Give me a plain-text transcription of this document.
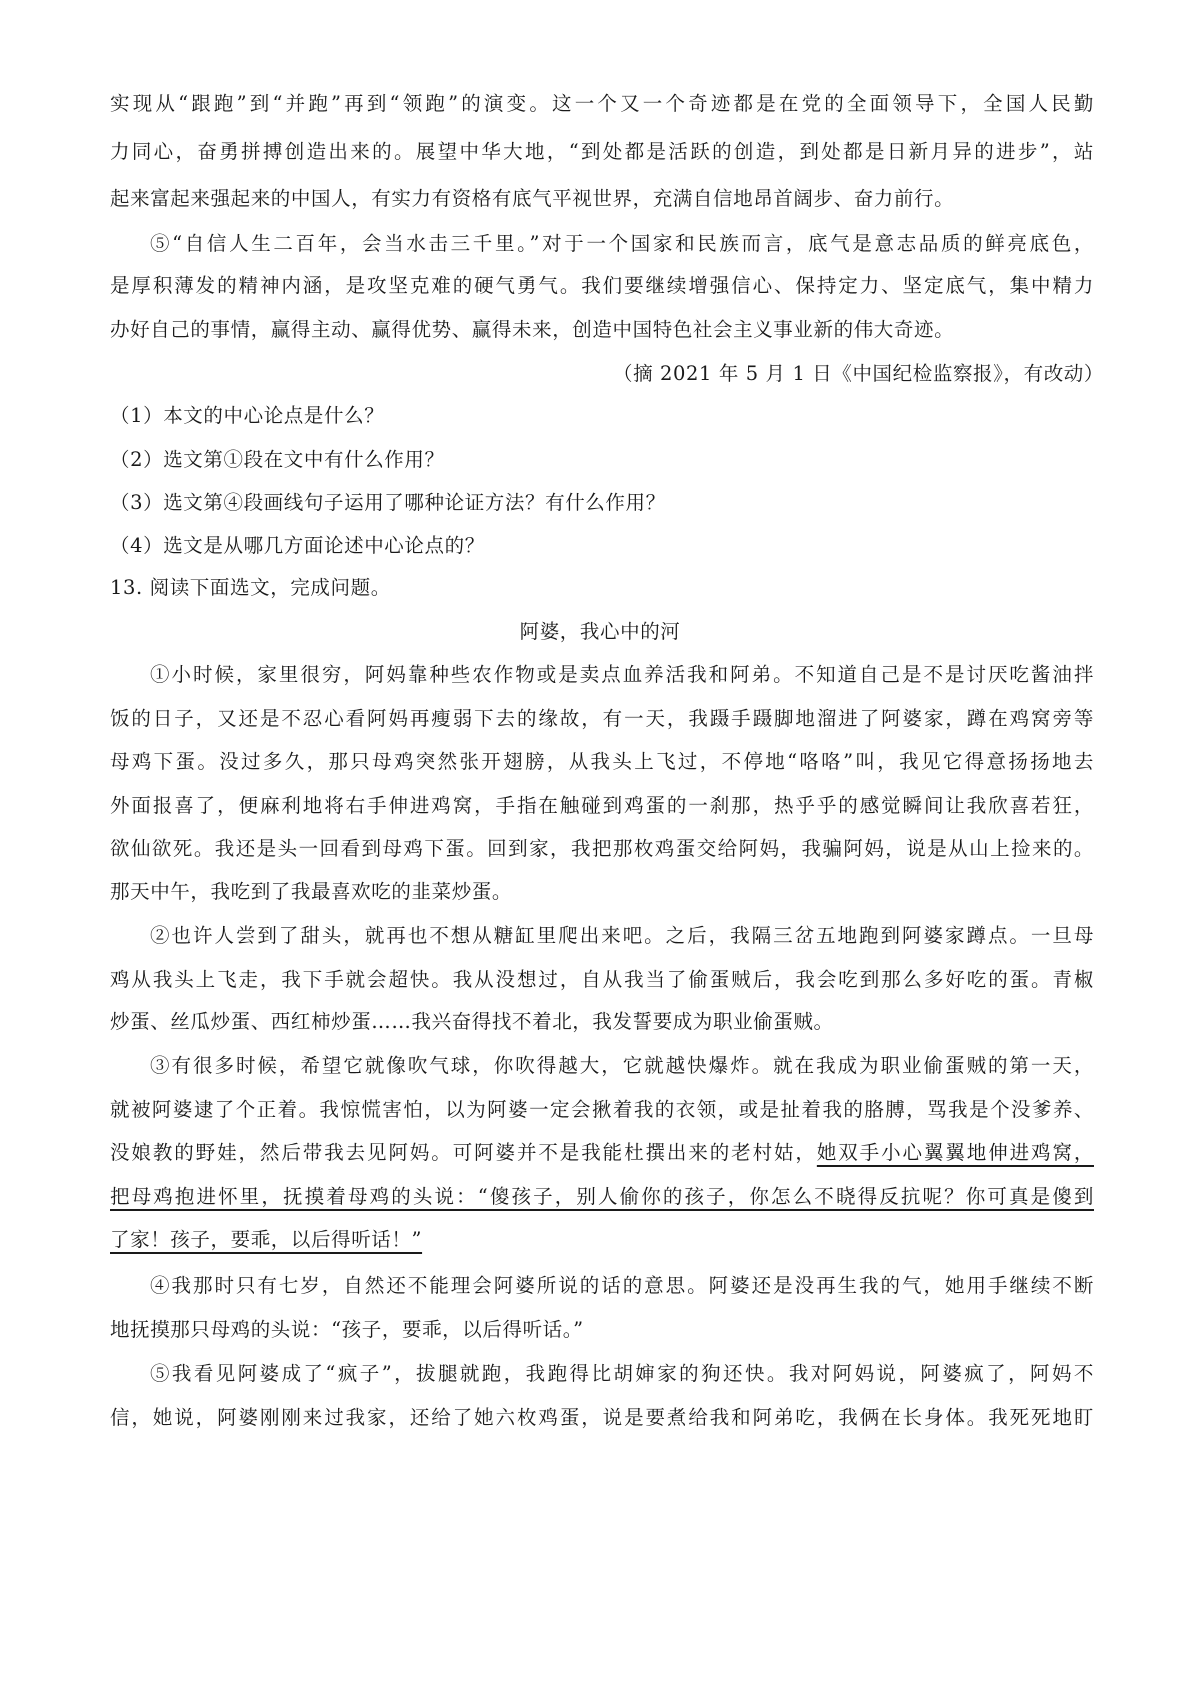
实现从“跟跑”到“并跑”再到“领跑”的演变。这一个又一个奇迹都是在党的全面领导下，全国人民勤
力同心，奋勇拼搏创造出来的。展望中华大地，“到处都是活跃的创造，到处都是日新月异的进步”，站
起来富起来强起来的中国人，有实力有资格有底气平视世界，充满自信地昂首阔步、奋力前行。
⑤“自信人生二百年，会当水击三千里。”对于一个国家和民族而言，底气是意志品质的鲜亮底色，
是厚积薄发的精神内涵，是攻坚克难的硬气勇气。我们要继续增强信心、保持定力、坚定底气，集中精力
办好自己的事情，赢得主动、赢得优势、赢得未来，创造中国特色社会主义事业新的伟大奇迹。
（摘 2021 年 5 月 1 日《中国纪检监察报》，有改动）
（1）本文的中心论点是什么？
（2）选文第①段在文中有什么作用？
（3）选文第④段画线句子运用了哪种论证方法？有什么作用？
（4）选文是从哪几方面论述中心论点的？
13. 阅读下面选文，完成问题。
阿婆，我心中的河
①小时候，家里很穷，阿妈靠种些农作物或是卖点血养活我和阿弟。不知道自己是不是讨厌吃酱油拌
饭的日子，又还是不忍心看阿妈再瘦弱下去的缘故，有一天，我蹑手蹑脚地溜进了阿婆家，蹲在鸡窝旁等
母鸡下蛋。没过多久，那只母鸡突然张开翅膀，从我头上飞过，不停地“咯咯”叫，我见它得意扬扬地去
外面报喜了，便麻利地将右手伸进鸡窝，手指在触碰到鸡蛋的一刹那，热乎乎的感觉瞬间让我欣喜若狂，
欲仙欲死。我还是头一回看到母鸡下蛋。回到家，我把那枚鸡蛋交给阿妈，我骗阿妈，说是从山上捡来的。
那天中午，我吃到了我最喜欢吃的韭菜炒蛋。
②也许人尝到了甜头，就再也不想从糖缸里爬出来吧。之后，我隔三岔五地跑到阿婆家蹲点。一旦母
鸡从我头上飞走，我下手就会超快。我从没想过，自从我当了偷蛋贼后，我会吃到那么多好吃的蛋。青椒
炒蛋、丝瓜炒蛋、西红柿炒蛋……我兴奋得找不着北，我发誓要成为职业偷蛋贼。
③有很多时候，希望它就像吹气球，你吹得越大，它就越快爆炸。就在我成为职业偷蛋贼的第一天，
就被阿婆逮了个正着。我惊慌害怕，以为阿婆一定会揪着我的衣领，或是扯着我的胳膊，骂我是个没爹养、
没娘教的野娃，然后带我去见阿妈。可阿婆并不是我能杜撰出来的老村姑，她双手小心翼翼地伸进鸡窝，
把母鸡抱进怀里，抚摸着母鸡的头说：“傻孩子，别人偷你的孩子，你怎么不晓得反抗呢？你可真是傻到
了家！孩子，要乖，以后得听话！”
④我那时只有七岁，自然还不能理会阿婆所说的话的意思。阿婆还是没再生我的气，她用手继续不断
地抚摸那只母鸡的头说：“孩子，要乖，以后得听话。”
⑤我看见阿婆成了“疯子”，拔腿就跑，我跑得比胡婶家的狗还快。我对阿妈说，阿婆疯了，阿妈不
信，她说，阿婆刚刚来过我家，还给了她六枚鸡蛋，说是要煮给我和阿弟吃，我俩在长身体。我死死地盯
